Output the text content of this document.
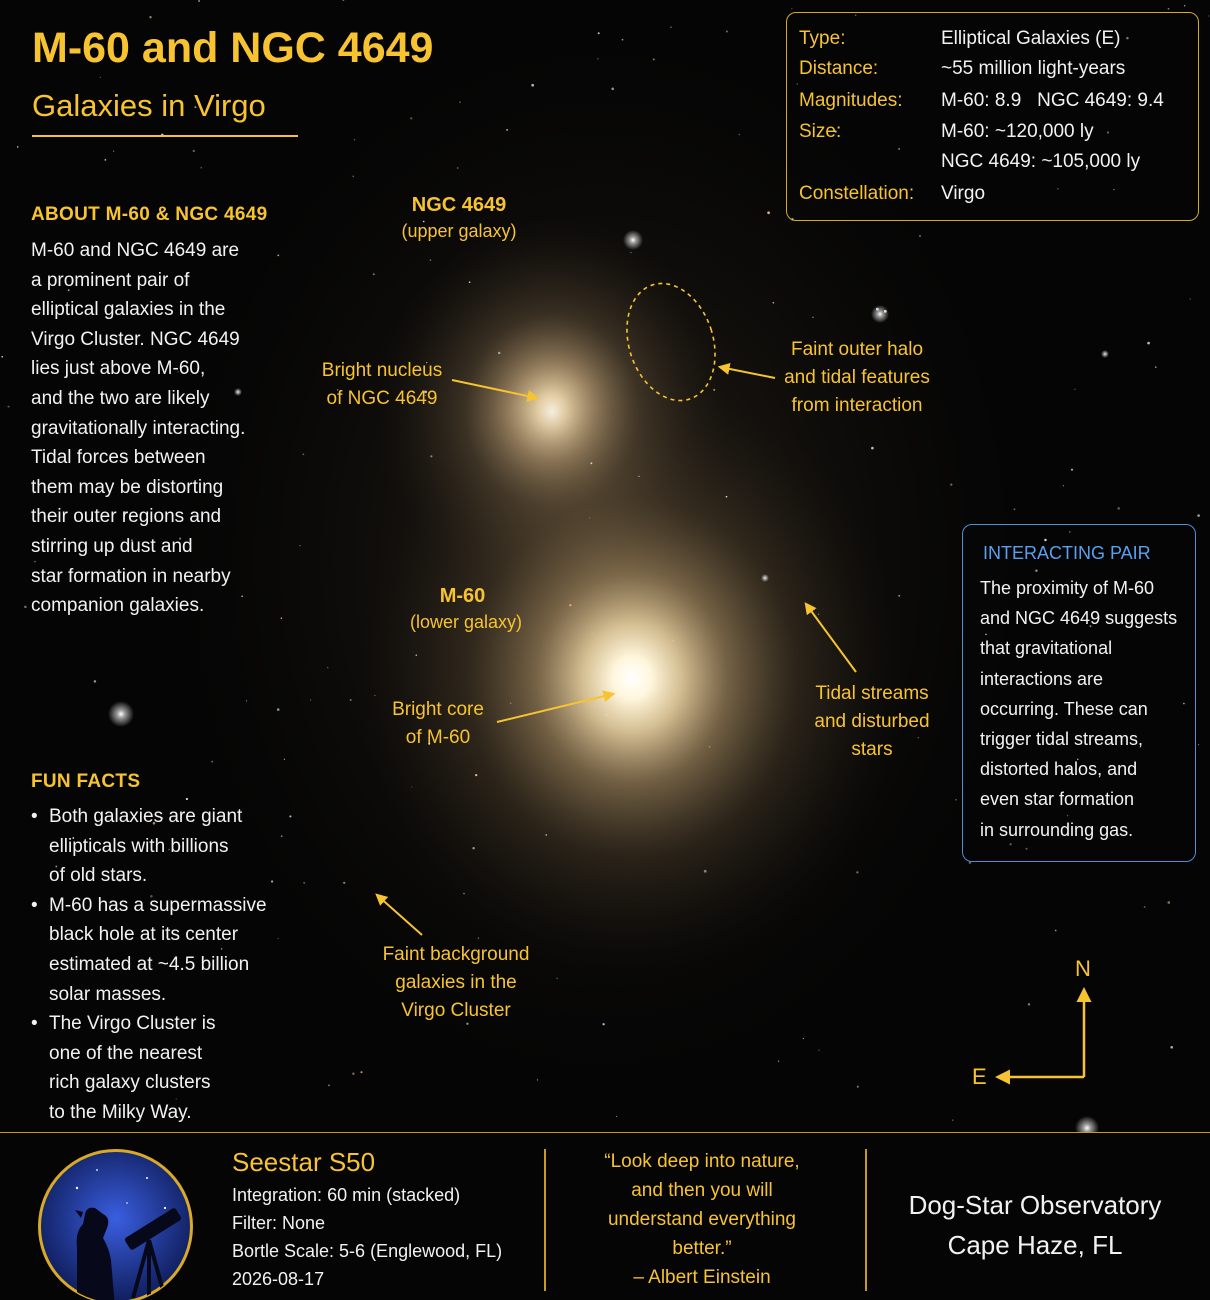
M-60 and NGC 4649
Galaxies in Virgo
ABOUT M-60 & NGC 4649
M-60 and NGC 4649 are
a prominent pair of
elliptical galaxies in the
Virgo Cluster. NGC 4649
lies just above M-60,
and the two are likely
gravitationally interacting.
Tidal forces between
them may be distorting
their outer regions and
stirring up dust and
star formation in nearby
companion galaxies.
FUN FACTS
• Both galaxies are giant
ellipticals with billions
of old stars.
• M-60 has a supermassive
black hole at its center
estimated at ~4.5 billion
solar masses.
• The Virgo Cluster is
one of the nearest
rich galaxy clusters
to the Milky Way.
Type:	Elliptical Galaxies (E)
Distance:	~55 million light-years
Magnitudes: M-60: 8.9   NGC 4649: 9.4
Size:	M-60: ~120,000 ly
NGC 4649: ~105,000 ly
Constellation: Virgo
INTERACTING PAIR
The proximity of M-60
and NGC 4649 suggests
that gravitational
interactions are
occurring. These can
trigger tidal streams,
distorted halos, and
even star formation
in surrounding gas.
NGC 4649
(upper galaxy)
M-60
(lower galaxy)
Bright nucleus
of NGC 4649
Faint outer halo
and tidal features
from interaction
Bright core
of M-60
Tidal streams
and disturbed
stars
Faint background
galaxies in the
Virgo Cluster
N
E
Seestar S50
Integration: 60 min (stacked)
Filter: None
Bortle Scale: 5-6 (Englewood, FL)
2026-08-17
“Look deep into nature,
and then you will
understand everything
better.”
– Albert Einstein
Dog-Star Observatory
Cape Haze, FL
